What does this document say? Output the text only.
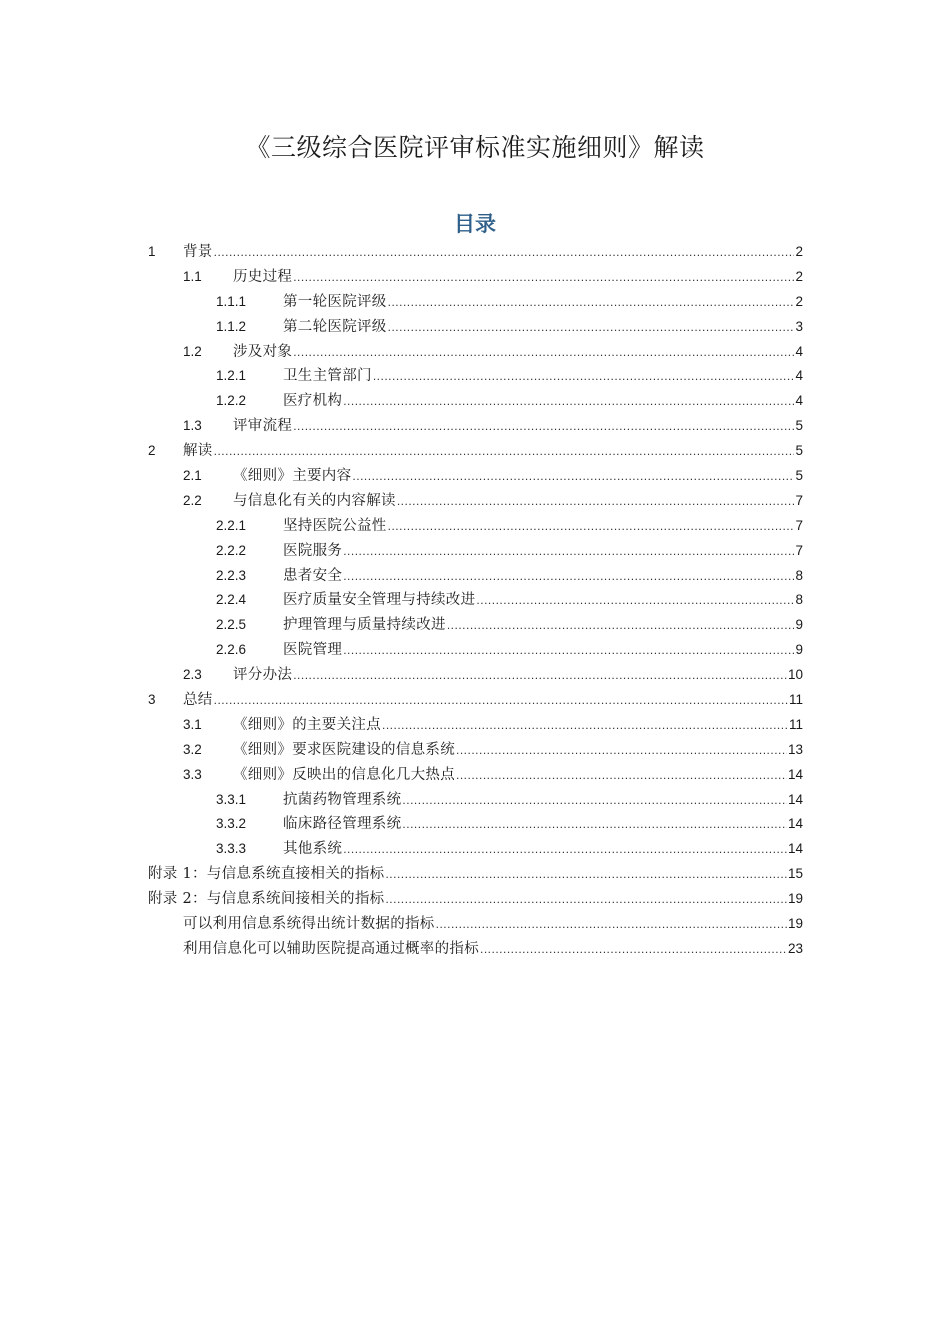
《三级综合医院评审标准实施细则》解读
目录
1	背景 .....	2
1.1	历史过程 .....	2
1.1.1	第一轮医院评级 .....	2
1.1.2	第二轮医院评级 .....	3
1.2	涉及对象 .....	4
1.2.1	卫生主管部门 .....	4
1.2.2	医疗机构 .....	4
1.3	评审流程 .....	5
2	解读 .....	5
2.1	《细则》主要内容 .....	5
2.2	与信息化有关的内容解读 .....	7
2.2.1	坚持医院公益性 .....	7
2.2.2	医院服务 .....	7
2.2.3	患者安全 .....	8
2.2.4	医疗质量安全管理与持续改进 .....	8
2.2.5	护理管理与质量持续改进 .....	9
2.2.6	医院管理 .....	9
2.3	评分办法 .....	10
3	总结 .....	11
3.1	《细则》的主要关注点 .....	11
3.2	《细则》要求医院建设的信息系统 .....	13
3.3	《细则》反映出的信息化几大热点 .....	14
3.3.1	抗菌药物管理系统 .....	14
3.3.2	临床路径管理系统 .....	14
3.3.3	其他系统 .....	14
附录 1：与信息系统直接相关的指标 .....	15
附录 2：与信息系统间接相关的指标 .....	19
可以利用信息系统得出统计数据的指标 .....	19
利用信息化可以辅助医院提高通过概率的指标 .....	23
